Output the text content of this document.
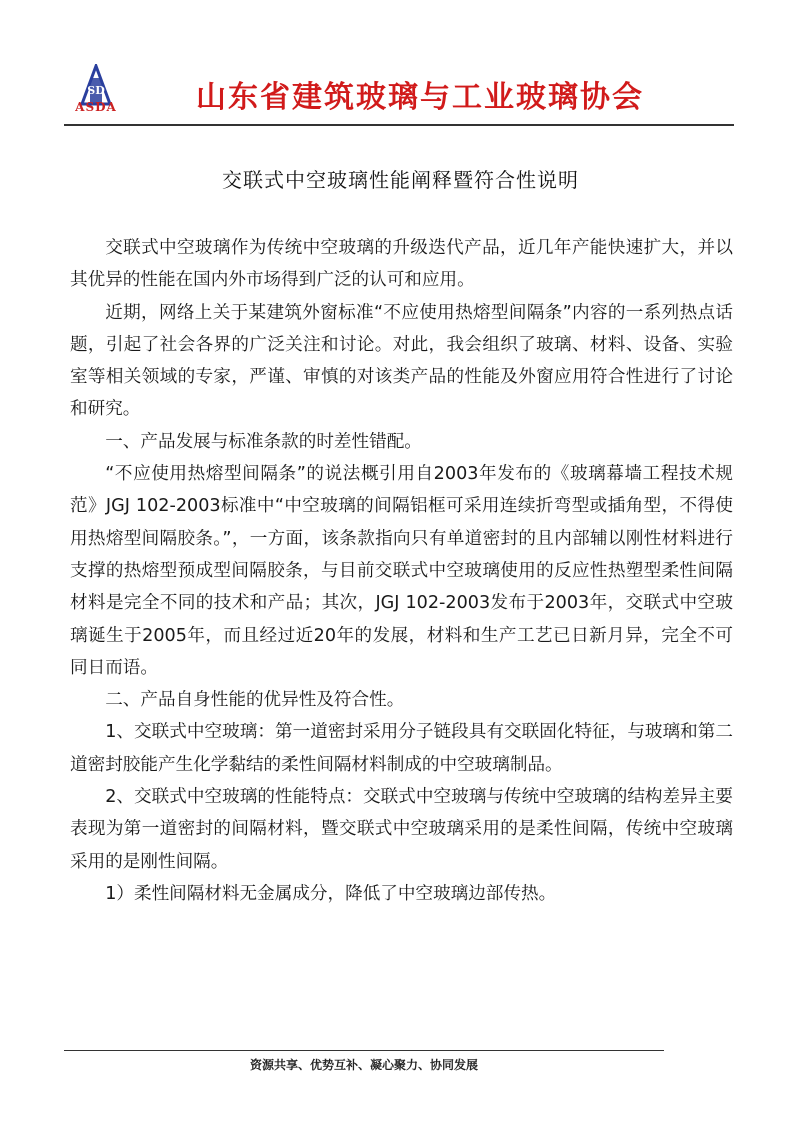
SD
ASDA	山东省建筑玻璃与工业玻璃协会
交联式中空玻璃性能阐释暨符合性说明

交联式中空玻璃作为传统中空玻璃的升级迭代产品，近几年产能快速扩大，并以其优异的性能在国内外市场得到广泛的认可和应用。

近期，网络上关于某建筑外窗标准“不应使用热熔型间隔条”内容的一系列热点话题，引起了社会各界的广泛关注和讨论。对此，我会组织了玻璃、材料、设备、实验室等相关领域的专家，严谨、审慎的对该类产品的性能及外窗应用符合性进行了讨论和研究。

一、产品发展与标准条款的时差性错配。

“不应使用热熔型间隔条”的说法概引用自2003年发布的《玻璃幕墙工程技术规范》JGJ 102-2003标准中“中空玻璃的间隔铝框可采用连续折弯型或插角型，不得使用热熔型间隔胶条。”，一方面，该条款指向只有单道密封的且内部辅以刚性材料进行支撑的热熔型预成型间隔胶条，与目前交联式中空玻璃使用的反应性热塑型柔性间隔材料是完全不同的技术和产品；其次，JGJ 102-2003发布于2003年，交联式中空玻璃诞生于2005年，而且经过近20年的发展，材料和生产工艺已日新月异，完全不可同日而语。

二、产品自身性能的优异性及符合性。

1、交联式中空玻璃：第一道密封采用分子链段具有交联固化特征，与玻璃和第二道密封胶能产生化学黏结的柔性间隔材料制成的中空玻璃制品。

2、交联式中空玻璃的性能特点：交联式中空玻璃与传统中空玻璃的结构差异主要表现为第一道密封的间隔材料，暨交联式中空玻璃采用的是柔性间隔，传统中空玻璃采用的是刚性间隔。

1）柔性间隔材料无金属成分，降低了中空玻璃边部传热。

资源共享、优势互补、凝心聚力、协同发展
